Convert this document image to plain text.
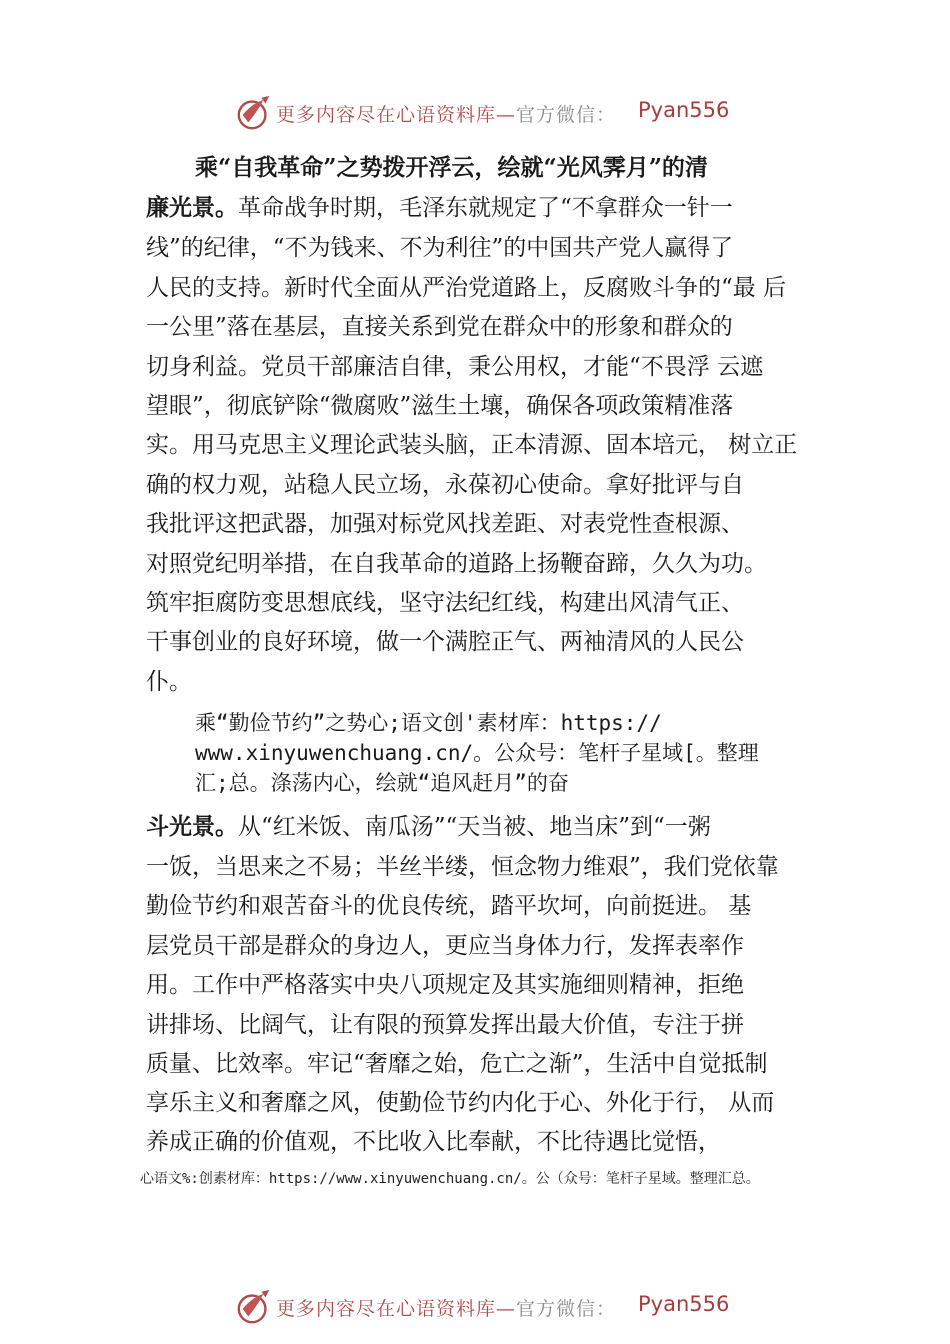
更多内容尽在心语资料库—官方微信： Pyan556
乘“自我革命”之势拨开浮云，绘就“光风霁月”的清
廉光景。革命战争时期，毛泽东就规定了“不拿群众一针一
线”的纪律，“不为钱来、不为利往”的中国共产党人赢得了
人民的支持。新时代全面从严治党道路上，反腐败斗争的“最 后
一公里”落在基层，直接关系到党在群众中的形象和群众的
切身利益。党员干部廉洁自律，秉公用权，才能“不畏浮 云遮
望眼”，彻底铲除“微腐败”滋生土壤，确保各项政策精准落
实。用马克思主义理论武装头脑，正本清源、固本培元， 树立正
确的权力观，站稳人民立场，永葆初心使命。拿好批评与自
我批评这把武器，加强对标党风找差距、对表党性查根源、
对照党纪明举措，在自我革命的道路上扬鞭奋蹄，久久为功。
筑牢拒腐防变思想底线，坚守法纪红线，构建出风清气正、
干事创业的良好环境，做一个满腔正气、两袖清风的人民公
仆。
乘“勤俭节约”之势心;语文创'素材库：https://
www.xinyuwenchuang.cn/。公众号：笔杆子星域[。整理
汇;总。涤荡内心，绘就“追风赶月”的奋
斗光景。从“红米饭、南瓜汤”“天当被、地当床”到“一粥
一饭，当思来之不易；半丝半缕，恒念物力维艰”，我们党依靠
勤俭节约和艰苦奋斗的优良传统，踏平坎坷，向前挺进。 基
层党员干部是群众的身边人，更应当身体力行，发挥表率作
用。工作中严格落实中央八项规定及其实施细则精神，拒绝
讲排场、比阔气，让有限的预算发挥出最大价值，专注于拼
质量、比效率。牢记“奢靡之始，危亡之渐”，生活中自觉抵制
享乐主义和奢靡之风，使勤俭节约内化于心、外化于行， 从而
养成正确的价值观，不比收入比奉献，不比待遇比觉悟，
心语文%:创素材库：https://www.xinyuwenchuang.cn/。公（众号：笔杆子星域。整理汇总。
更多内容尽在心语资料库—官方微信： Pyan556
